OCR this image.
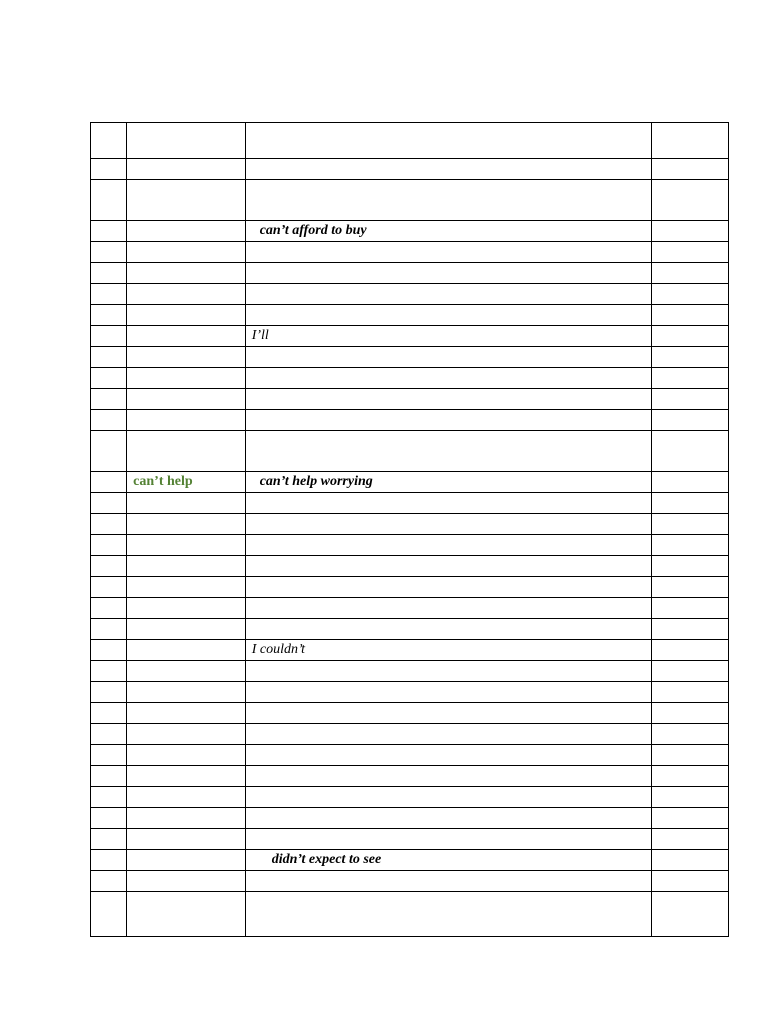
		can’t afford to buy	

		I’ll	

	can’t help	can’t help worrying	

		I couldn’t	

		didn’t expect to see	
